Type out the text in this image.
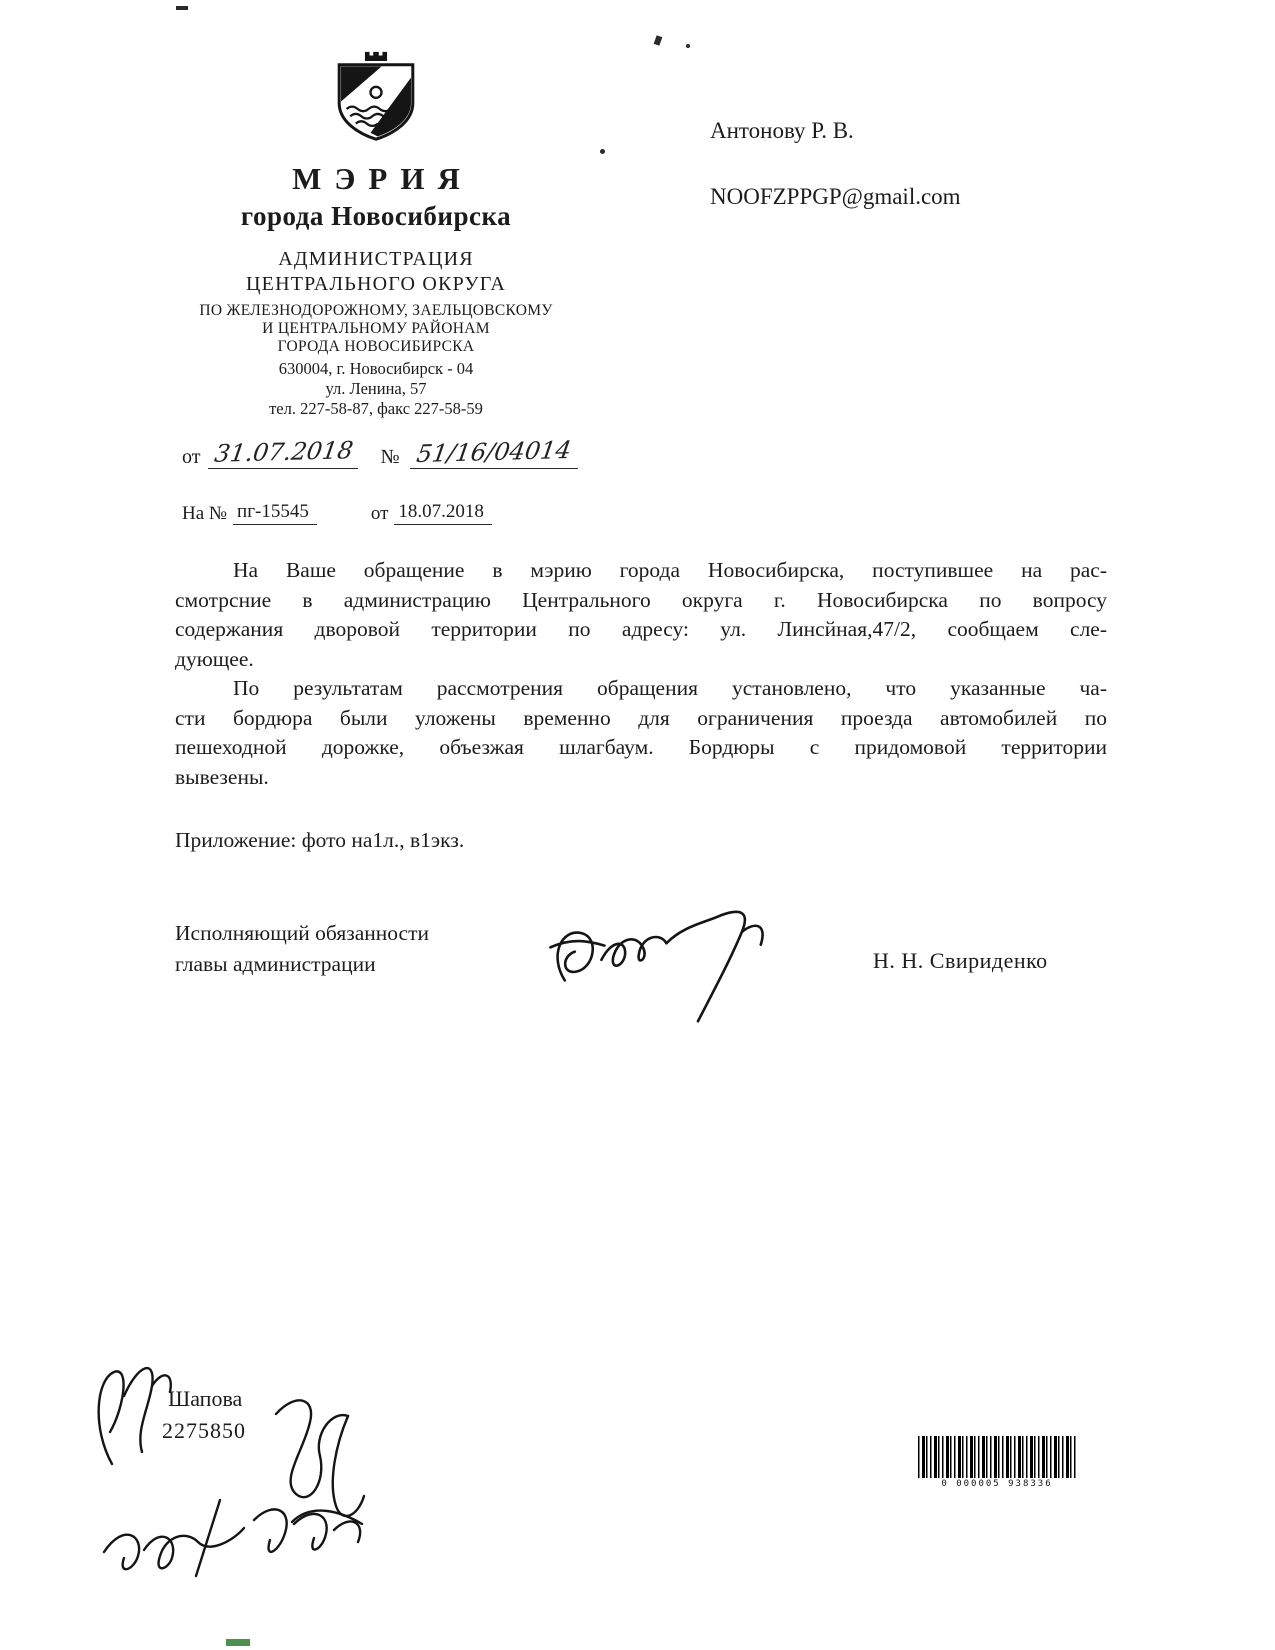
МЭРИЯ
города Новосибирска
АДМИНИСТРАЦИЯ
ЦЕНТРАЛЬНОГО ОКРУГА
ПО ЖЕЛЕЗНОДОРОЖНОМУ, ЗАЕЛЬЦОВСКОМУ
И ЦЕНТРАЛЬНОМУ РАЙОНАМ
ГОРОДА НОВОСИБИРСКА
630004, г. Новосибирск - 04
ул. Ленина, 57
тел. 227-58-87, факс 227-58-59
Антонову Р. В.
NOOFZPPGP@gmail.com
от 31.07.2018 № 51/16/04014
На № пг-15545	от 18.07.2018
На Ваше обращение в мэрию города Новосибирска, поступившее на рас-
смотрсние в администрацию Центрального округа г. Новосибирска по вопросу
содержания дворовой территории по адресу: ул. Линсйная,47/2, сообщаем сле-
дующее.
По результатам рассмотрения обращения установлено, что указанные ча-
сти бордюра были уложены временно для ограничения проезда автомобилей по
пешеходной дорожке, объезжая шлагбаум. Бордюры с придомовой территории
вывезены.
Приложение: фото на1л., в1экз.
Исполняющий обязанности
главы администрации	Н. Н. Свириденко
Шапова
2275850
0 000005 938336
